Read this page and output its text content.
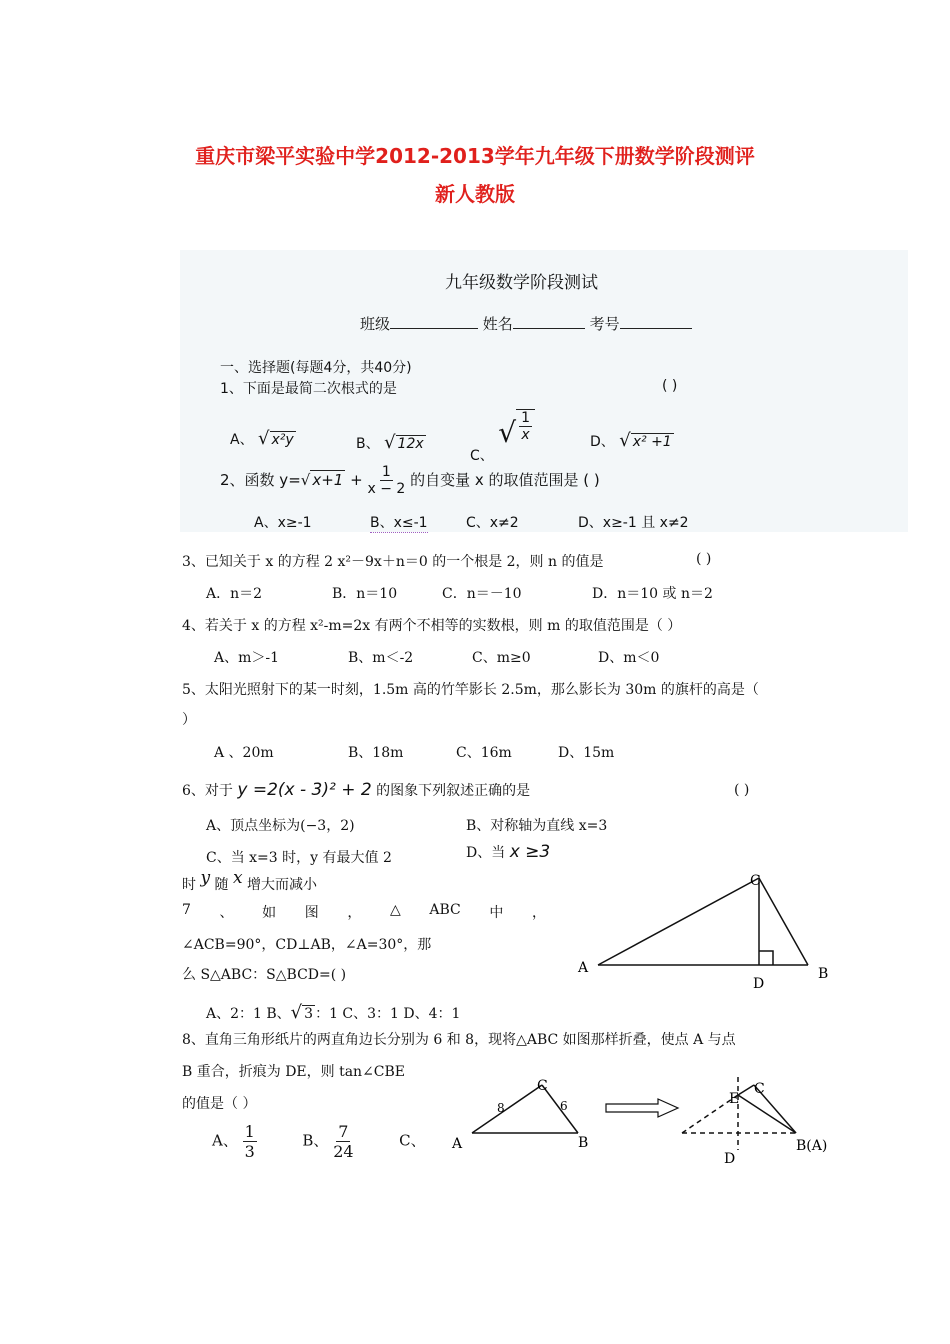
重庆市梁平实验中学2012-2013学年九年级下册数学阶段测评
新人教版
九年级数学阶段测试
班级	姓名	考号
一、选择题(每题4分，共40分)
1、下面是最简二次根式的是	( )
A、 √ x²y	B、 √ 12x
C、 √ $\frac{1}{x}$	D、 √ x² +1
2、函数 y=√ $x+1 + \frac{1}{x - 2}$ 的自变量 x 的取值范围是 ( )
A、x≥-1	B、x≤-1	C、x≠2	D、x≥-1 且 x≠2
3、已知关于 x 的方程 2 x²－9x＋n＝0 的一个根是 2，则 n 的值是	( )
A．n＝2	B．n＝10	C．n＝－10	D．n＝10 或 n＝2
4、若关于 x 的方程 x²-m=2x 有两个不相等的实数根，则 m 的取值范围是（ ）
A、m＞-1	B、m＜-2	C、m≥0	D、m＜0
5、太阳光照射下的某一时刻，1.5m 高的竹竿影长 2.5m，那么影长为 30m 的旗杆的高是（
）
A 、20m	B、18m	C、16m	D、15m
6、对于 y =2(x - 3)² + 2 的图象下列叙述正确的是	( )
A、顶点坐标为(−3，2)	B、对称轴为直线 x=3
C、当 x=3 时，y 有最大值 2	D、当 x ≥3
时 y 随 x 增大而减小
7 、 如 图 ， △ ABC 中 ，
∠ACB=90°，CD⊥AB，∠A=30°，那
么 S△ABC：S△BCD=( )
A、2：1 B、√ 3 ：1 C、3：1 D、4：1
8、直角三角形纸片的两直角边长分别为 6 和 8，现将△ABC 如图那样折叠，使点 A 与点
B 重合，折痕为 DE，则 tan∠CBE
的值是（ ）
A、 $\frac{1}{3}$	B、 $\frac{7}{24}$	C、
A	B
C
D
A	B
C
8	6	E
C
D
B(A)
